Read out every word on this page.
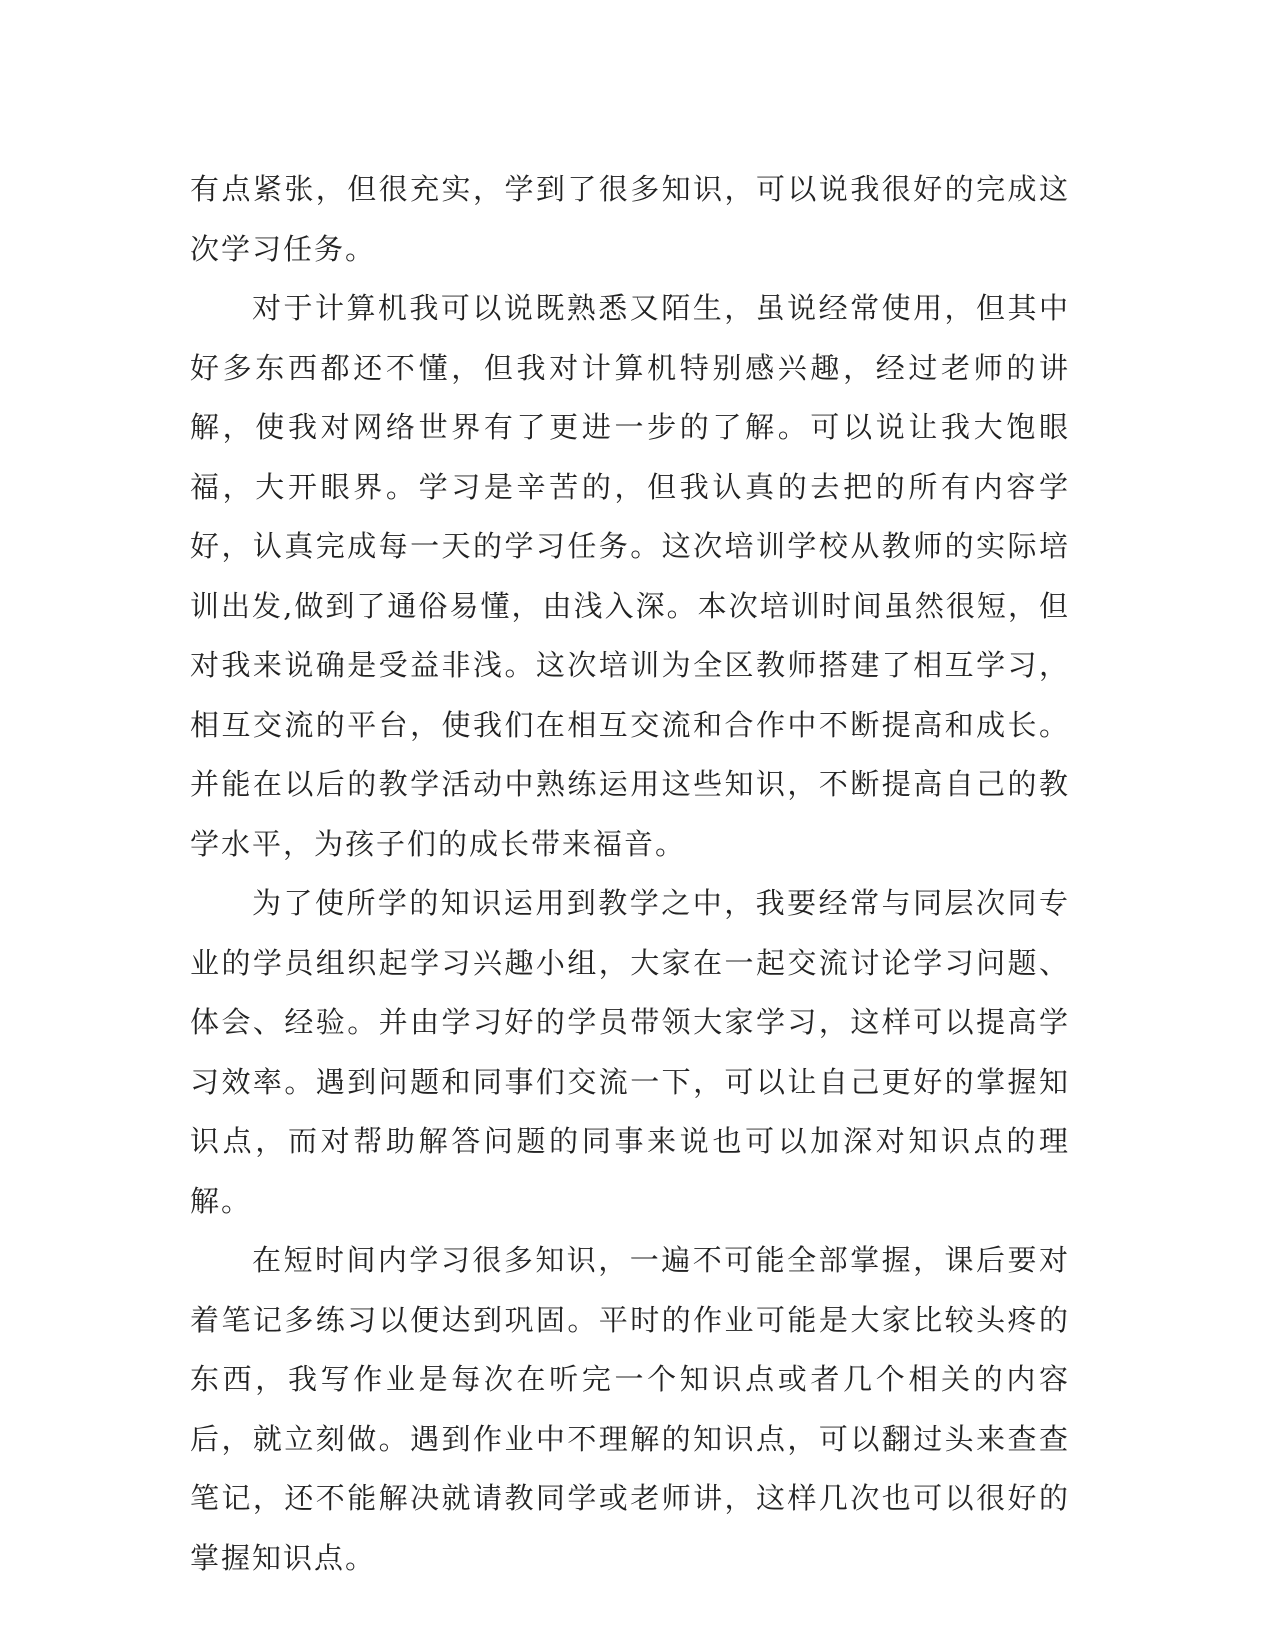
有点紧张，但很充实，学到了很多知识，可以说我很好的完成这次学习任务。

对于计算机我可以说既熟悉又陌生，虽说经常使用，但其中好多东西都还不懂，但我对计算机特别感兴趣，经过老师的讲解，使我对网络世界有了更进一步的了解。可以说让我大饱眼福，大开眼界。学习是辛苦的，但我认真的去把的所有内容学好，认真完成每一天的学习任务。这次培训学校从教师的实际培训出发,做到了通俗易懂，由浅入深。本次培训时间虽然很短，但对我来说确是受益非浅。这次培训为全区教师搭建了相互学习，相互交流的平台，使我们在相互交流和合作中不断提高和成长。并能在以后的教学活动中熟练运用这些知识，不断提高自己的教学水平，为孩子们的成长带来福音。

为了使所学的知识运用到教学之中，我要经常与同层次同专业的学员组织起学习兴趣小组，大家在一起交流讨论学习问题、体会、经验。并由学习好的学员带领大家学习，这样可以提高学习效率。遇到问题和同事们交流一下，可以让自己更好的掌握知识点，而对帮助解答问题的同事来说也可以加深对知识点的理解。

在短时间内学习很多知识，一遍不可能全部掌握，课后要对着笔记多练习以便达到巩固。平时的作业可能是大家比较头疼的东西，我写作业是每次在听完一个知识点或者几个相关的内容后，就立刻做。遇到作业中不理解的知识点，可以翻过头来查查笔记，还不能解决就请教同学或老师讲，这样几次也可以很好的掌握知识点。
